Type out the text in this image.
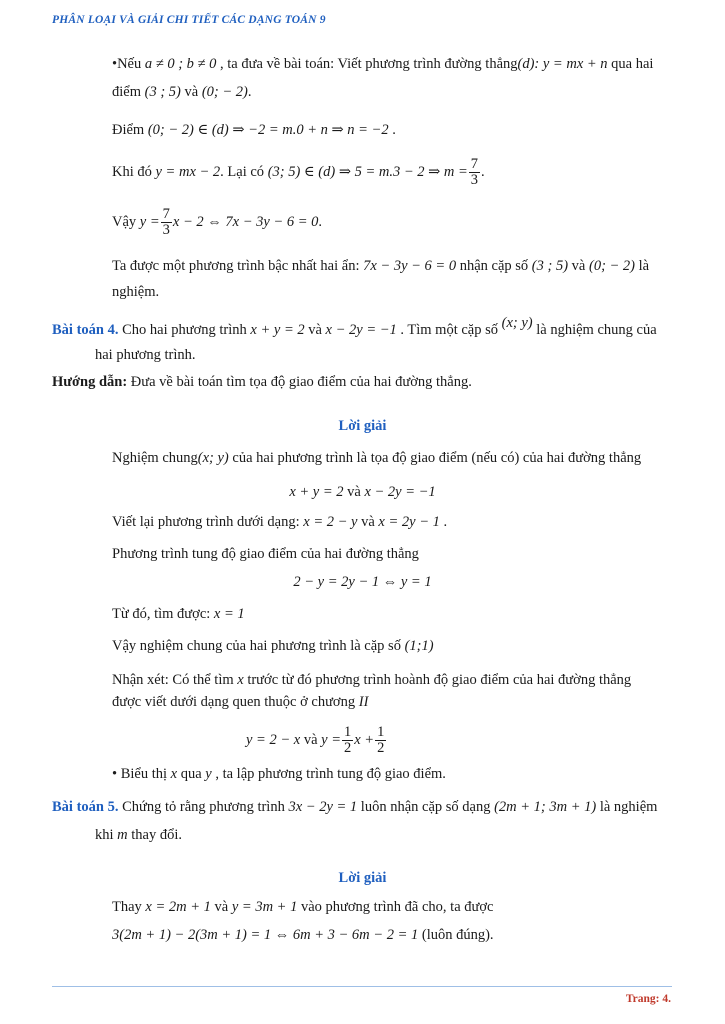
PHÂN LOẠI VÀ GIẢI CHI TIẾT CÁC DẠNG TOÁN 9
•Nếu a ≠ 0 ; b ≠ 0 , ta đưa về bài toán: Viết phương trình đường thẳng(d): y = mx + n qua hai
điểm (3 ; 5) và (0; − 2).
Điểm (0; − 2) ∈ (d) ⇒ −2 = m.0 + n ⇒ n = −2 .
Khi đó y = mx − 2. Lại có (3; 5) ∈ (d) ⇒ 5 = m.3 − 2 ⇒ $m = \frac{7}{3}$ .
Vậy $y = \frac{7}{3}$ x − 2 ⇔ 7x − 3y − 6 = 0.
Ta được một phương trình bậc nhất hai ẩn: 7x − 3y − 6 = 0 nhận cặp số (3 ; 5) và (0; − 2) là
nghiệm.
Bài toán 4. Cho hai phương trình x + y = 2 và x − 2y = −1 . Tìm một cặp số (x; y) là nghiệm chung của
hai phương trình.
Hướng dẫn: Đưa về bài toán tìm tọa độ giao điểm của hai đường thẳng.
Lời giải
Nghiệm chung(x; y) của hai phương trình là tọa độ giao điểm (nếu có) của hai đường thẳng
x + y = 2 và x − 2y = −1
Viết lại phương trình dưới dạng: x = 2 − y và x = 2y − 1 .
Phương trình tung độ giao điểm của hai đường thẳng
2 − y = 2y − 1 ⇔ y = 1
Từ đó, tìm được: x = 1
Vậy nghiệm chung của hai phương trình là cặp số (1;1)
Nhận xét: Có thể tìm x trước từ đó phương trình hoành độ giao điểm của hai đường thẳng
được viết dưới dạng quen thuộc ở chương II
y = 2 − x và $y = \frac{1}{2}$ $x + \frac{1}{2}$
• Biểu thị x qua y , ta lập phương trình tung độ giao điểm.
Bài toán 5. Chứng tỏ rằng phương trình 3x − 2y = 1 luôn nhận cặp số dạng (2m + 1; 3m + 1) là nghiệm
khi m thay đổi.
Lời giải
Thay x = 2m + 1 và y = 3m + 1 vào phương trình đã cho, ta được
3(2m + 1) − 2(3m + 1) = 1 ⇔ 6m + 3 − 6m − 2 = 1 (luôn đúng).
Trang: 4.
